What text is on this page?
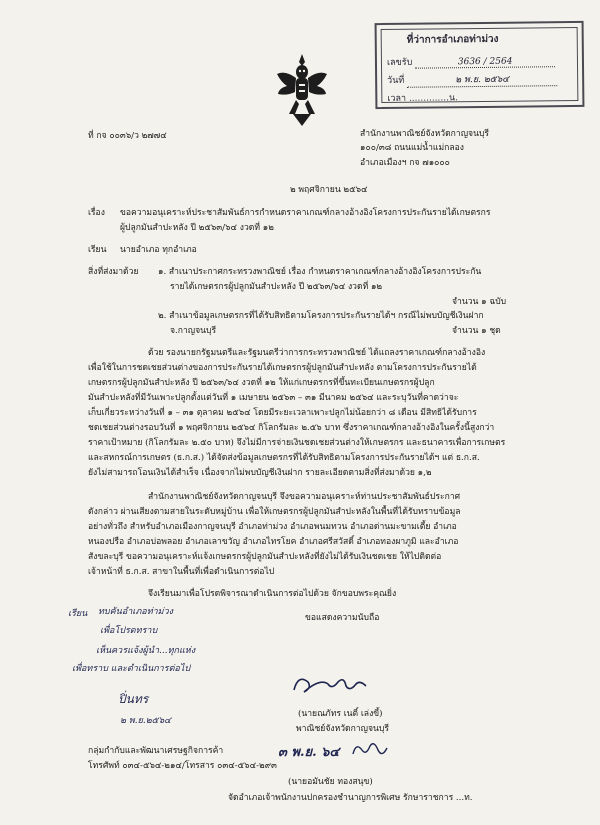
ที่ว่าการอำเภอท่าม่วง
เลขรับ	3636 / 2564
วันที่	๒ พ.ย. ๒๕๖๔
เวลา ..............น.
ที่ กจ ๐๐๓๖/ว ๒๗๗๔	สำนักงานพาณิชย์จังหวัดกาญจนบุรี
๑๐๐/๓๘ ถนนแม่น้ำแม่กลอง
อำเภอเมืองฯ กจ ๗๑๐๐๐
๒ พฤศจิกายน ๒๕๖๔
เรื่อง ขอความอนุเคราะห์ประชาสัมพันธ์การกำหนดราคาเกณฑ์กลางอ้างอิงโครงการประกันรายได้เกษตรกร
ผู้ปลูกมันสำปะหลัง ปี ๒๕๖๓/๖๔ งวดที่ ๑๒
เรียน นายอำเภอ ทุกอำเภอ
สิ่งที่ส่งมาด้วย ๑. สำเนาประกาศกระทรวงพาณิชย์ เรื่อง กำหนดราคาเกณฑ์กลางอ้างอิงโครงการประกัน
รายได้เกษตรกรผู้ปลูกมันสำปะหลัง ปี ๒๕๖๓/๖๔ งวดที่ ๑๒
จำนวน ๑ ฉบับ
๒. สำเนาข้อมูลเกษตรกรที่ได้รับสิทธิตามโครงการประกันรายได้ฯ กรณีไม่พบบัญชีเงินฝาก
จ.กาญจนบุรี	จำนวน ๑ ชุด
ด้วย รองนายกรัฐมนตรีและรัฐมนตรีว่าการกระทรวงพาณิชย์ ได้แถลงราคาเกณฑ์กลางอ้างอิง
เพื่อใช้ในการชดเชยส่วนต่างของการประกันรายได้เกษตรกรผู้ปลูกมันสำปะหลัง ตามโครงการประกันรายได้
เกษตรกรผู้ปลูกมันสำปะหลัง ปี ๒๕๖๓/๖๔ งวดที่ ๑๒ ให้แก่เกษตรกรที่ขึ้นทะเบียนเกษตรกรผู้ปลูก
มันสำปะหลังที่มีวันเพาะปลูกตั้งแต่วันที่ ๑ เมษายน ๒๕๖๓ – ๓๑ มีนาคม ๒๕๖๔ และระบุวันที่คาดว่าจะ
เก็บเกี่ยวระหว่างวันที่ ๑ – ๓๑ ตุลาคม ๒๕๖๔ โดยมีระยะเวลาเพาะปลูกไม่น้อยกว่า ๘ เดือน มีสิทธิได้รับการ
ชดเชยส่วนต่างรอบวันที่ ๑ พฤศจิกายน ๒๕๖๔ กิโลกรัมละ ๒.๕๖ บาท ซึ่งราคาเกณฑ์กลางอ้างอิงในครั้งนี้สูงกว่า
ราคาเป้าหมาย (กิโลกรัมละ ๒.๕๐ บาท) จึงไม่มีการจ่ายเงินชดเชยส่วนต่างให้เกษตรกร และธนาคารเพื่อการเกษตร
และสหกรณ์การเกษตร (ธ.ก.ส.) ได้จัดส่งข้อมูลเกษตรกรที่ได้รับสิทธิตามโครงการประกันรายได้ฯ แต่ ธ.ก.ส.
ยังไม่สามารถโอนเงินได้สำเร็จ เนื่องจากไม่พบบัญชีเงินฝาก รายละเอียดตามสิ่งที่ส่งมาด้วย ๑,๒
สำนักงานพาณิชย์จังหวัดกาญจนบุรี จึงขอความอนุเคราะห์ท่านประชาสัมพันธ์ประกาศ
ดังกล่าว ผ่านเสียงตามสายในระดับหมู่บ้าน เพื่อให้เกษตรกรผู้ปลูกมันสำปะหลังในพื้นที่ได้รับทราบข้อมูล
อย่างทั่วถึง สำหรับอำเภอเมืองกาญจนบุรี อำเภอท่าม่วง อำเภอพนมทวน อำเภอด่านมะขามเตี้ย อำเภอ
หนองปรือ อำเภอบ่อพลอย อำเภอเลาขวัญ อำเภอไทรโยค อำเภอศรีสวัสดิ์ อำเภอทองผาภูมิ และอำเภอ
สังขละบุรี ขอความอนุเคราะห์แจ้งเกษตรกรผู้ปลูกมันสำปะหลังที่ยังไม่ได้รับเงินชดเชย ให้ไปติดต่อ
เจ้าหน้าที่ ธ.ก.ส. สาขาในพื้นที่เพื่อดำเนินการต่อไป
จึงเรียนมาเพื่อโปรดพิจารณาดำเนินการต่อไปด้วย จักขอบพระคุณยิ่ง
ขอแสดงความนับถือ
เรียน ทบคันอำเภอท่าม่วง
เพื่อโปรดทราบ
เห็นควรแจ้งผู้นำ...ทุกแห่ง
เพื่อทราบ และดำเนินการต่อไป
ปิ่นทร
๒ พ.ย.๒๕๖๔
(นายณภัทร เนติ์ เล่งขี้)
พาณิชย์จังหวัดกาญจนบุรี
กลุ่มกำกับและพัฒนาเศรษฐกิจการค้า
โทรศัพท์ ๐๓๔-๕๖๔-๒๑๔/โทรสาร ๐๓๔-๕๖๔-๒๙๓
๓ พ.ย. ๖๔
(นายอมันชัย ทองสนุข)
จัดอำเภอเจ้าพนักงานปกครองชำนาญการพิเศษ รักษาราชการ ...ท.
